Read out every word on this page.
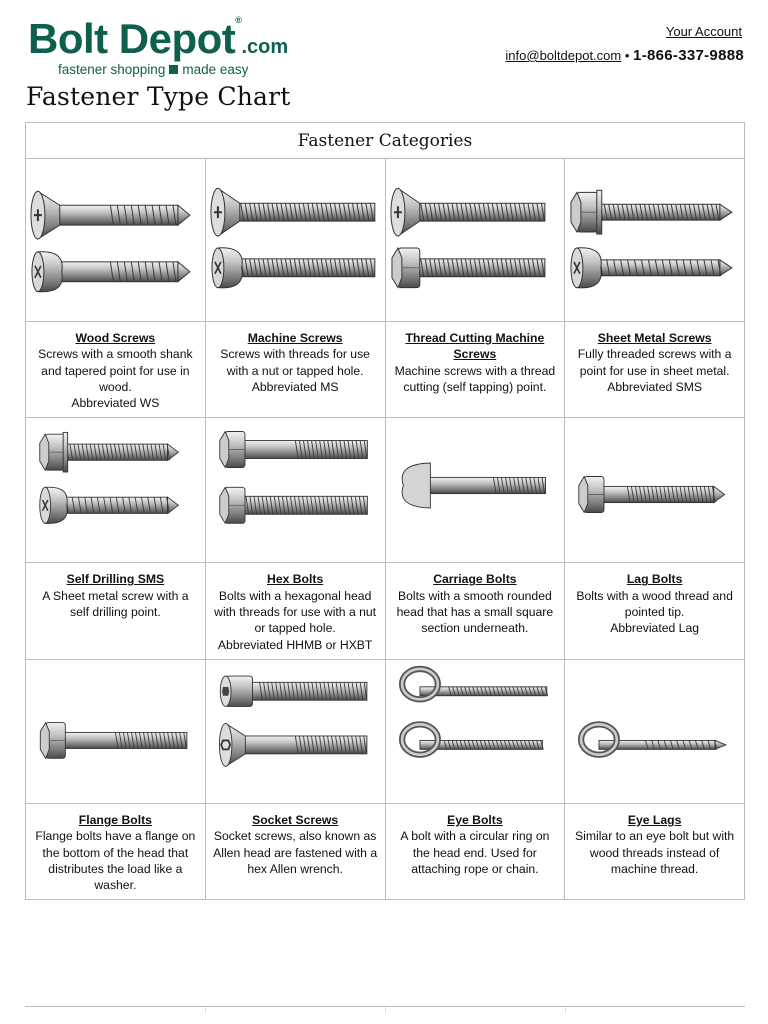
Bolt Depot®.com
fastener shopping made easy
Your Account
info@boltdepot.com • 1-866-337-9888
Fastener Type Chart
Fastener Categories			

Wood Screws
Screws with a smooth shank and tapered point for use in wood.
Abbreviated WS	Machine Screws
Screws with threads for use with a nut or tapped hole.
Abbreviated MS	Thread Cutting Machine Screws
Machine screws with a thread cutting (self tapping) point.	Sheet Metal Screws
Fully threaded screws with a point for use in sheet metal.
Abbreviated SMS

Self Drilling SMS
A Sheet metal screw with a self drilling point.	Hex Bolts
Bolts with a hexagonal head with threads for use with a nut or tapped hole.
Abbreviated HHMB or HXBT	Carriage Bolts
Bolts with a smooth rounded head that has a small square section underneath.	Lag Bolts
Bolts with a wood thread and pointed tip.
Abbreviated Lag

Flange Bolts
Flange bolts have a flange on the bottom of the head that distributes the load like a washer.	Socket Screws
Socket screws, also known as Allen head are fastened with a hex Allen wrench.	Eye Bolts
A bolt with a circular ring on the head end. Used for attaching rope or chain.	Eye Lags
Similar to an eye bolt but with wood threads instead of machine thread.
